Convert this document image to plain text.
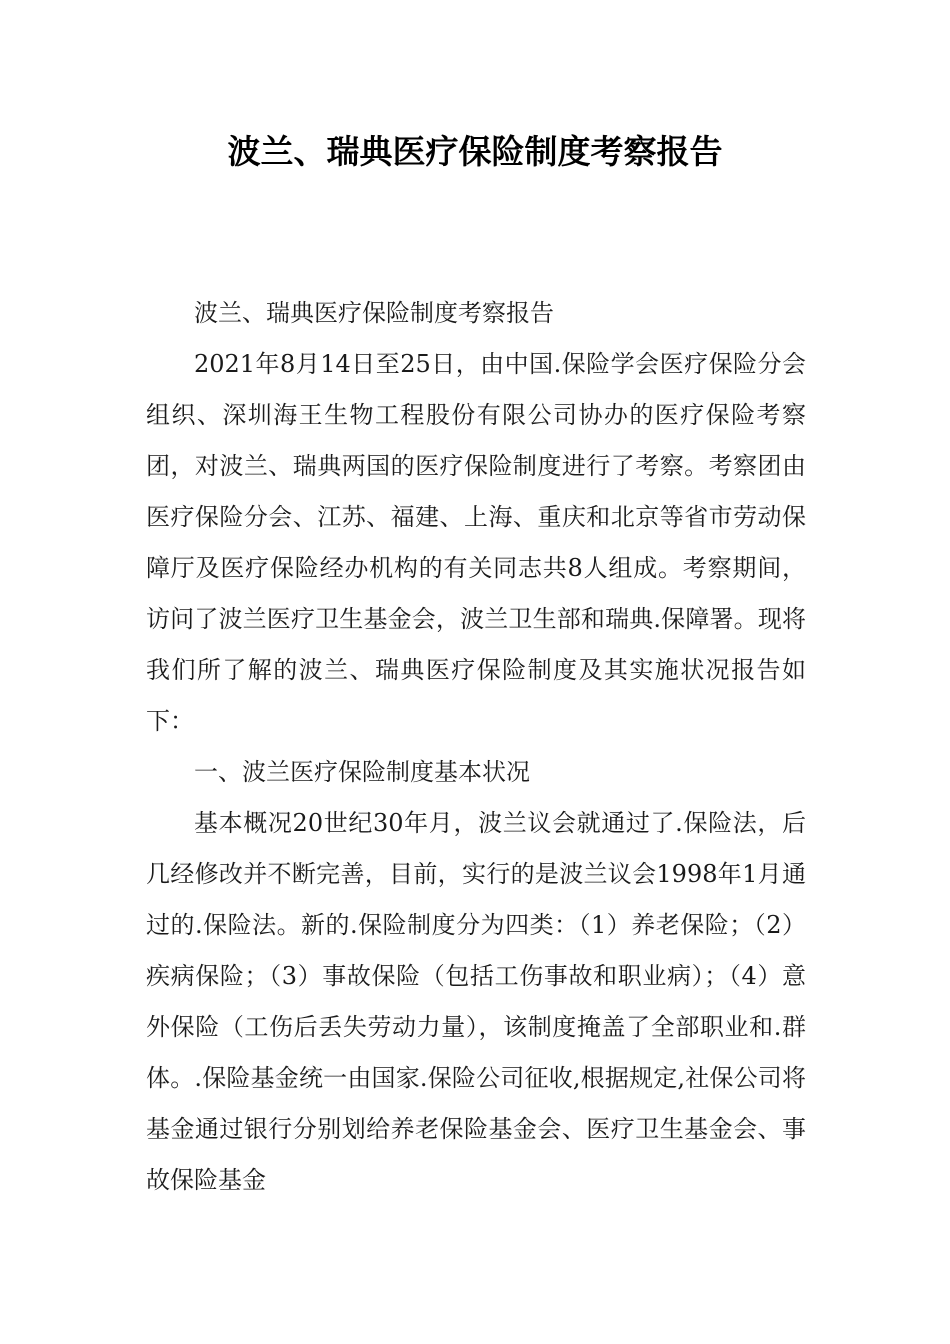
波兰、瑞典医疗保险制度考察报告

波兰、瑞典医疗保险制度考察报告

2021年8月14日至25日，由中国.保险学会医疗保险分会组织、深圳海王生物工程股份有限公司协办的医疗保险考察团，对波兰、瑞典两国的医疗保险制度进行了考察。考察团由医疗保险分会、江苏、福建、上海、重庆和北京等省市劳动保障厅及医疗保险经办机构的有关同志共8人组成。考察期间，访问了波兰医疗卫生基金会，波兰卫生部和瑞典.保障署。现将我们所了解的波兰、瑞典医疗保险制度及其实施状况报告如下：

一、波兰医疗保险制度基本状况

基本概况20世纪30年月，波兰议会就通过了.保险法，后几经修改并不断完善，目前，实行的是波兰议会1998年1月通过的.保险法。新的.保险制度分为四类：（1）养老保险；（2）疾病保险；（3）事故保险（包括工伤事故和职业病）；（4）意外保险（工伤后丢失劳动力量），该制度掩盖了全部职业和.群体。.保险基金统一由国家.保险公司征收,根据规定,社保公司将基金通过银行分别划给养老保险基金会、医疗卫生基金会、事故保险基金
